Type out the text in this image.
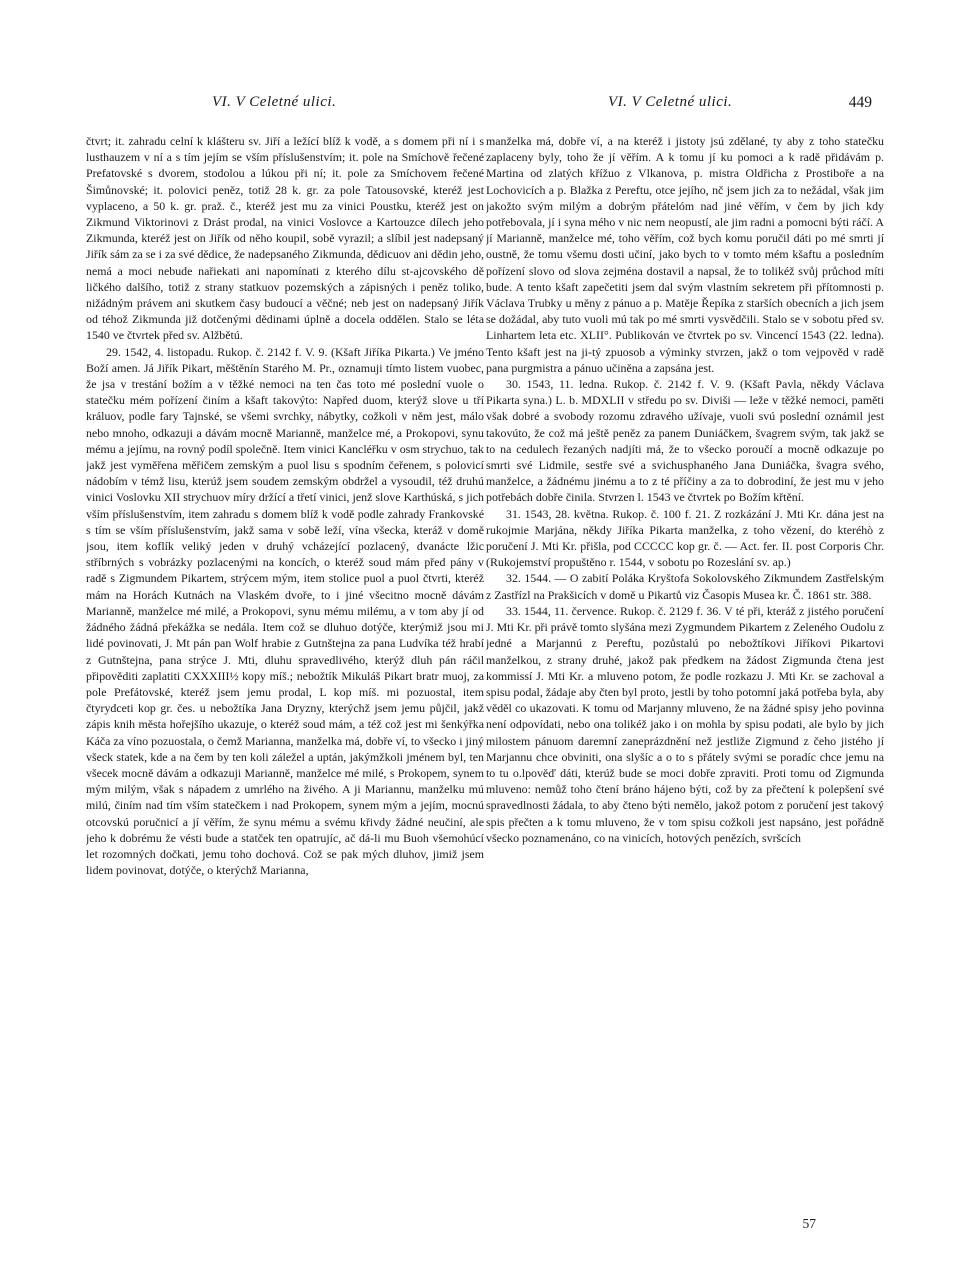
VI. V Celetné ulici.	VI. V Celetné ulici.	449

čtvrt; it. zahradu celní k klášteru sv. Jiří a ležící blíž k vodě, a s domem při ní i s lusthauzem v ní a s tím jejím se vším příslušenstvím; it. pole na Smíchově řečené Prefatovské s dvorem, stodolou a lúkou při ní; it. pole za Smíchovem řečené Šimůnovské; it. polovici peněz, totiž 28 k. gr. za pole Tatousovské, kteréž jest vyplaceno, a 50 k. gr. praž. č., kteréž jest mu za vinici Poustku, kteréž jest on Zikmund Viktorinovi z Drást prodal, na vinici Voslovce a Kartouzce dílech jeho Zikmunda, kteréž jest on Jiřík od něho koupil, sobě vyrazil; a slíbil jest nadepsaný Jiřík sám za se i za své dědice, že nadepsaného Zikmunda, dědicuov ani dědin jeho, nemá a moci nebude nařiekati ani napomínati z kterého dílu st-ajcovského dě ličkého dalšího, totiž z strany statkuov pozemských a zápisných i peněz toliko, nižádným právem ani skutkem časy budoucí a věčné; neb jest on nadepsaný Jiřík od téhož Zikmunda již dotčenými dědinami úplně a docela oddělen. Stalo se léta 1540 ve čtvrtek před sv. Alžbětú.

29. 1542, 4. listopadu. Rukop. č. 2142 f. V. 9. (Kšaft Jiříka Pikarta.) Ve jméno Boží amen. Já Jiřík Pikart, měštěnín Starého M. Pr., oznamuji tímto listem vuobec, že jsa v trestání božím a v těžké nemoci na ten čas toto mé poslední vuole o statečku mém pořízení činím a kšaft takovýto: Napřed duom, kterýž slove u tří králuov, podle fary Tajnské, se všemi svrchky, nábytky, cožkoli v něm jest, málo nebo mnoho, odkazuji a dávám mocně Marianně, manželce mé, a Prokopovi, synu mému a jejímu, na rovný podíl společně. Item vinici Kancléřku v osm strychuo, tak jakž jest vyměřena měřičem zemským a puol lisu s spodním čeřenem, s polovicí nádobím v témž lisu, kterúž jsem soudem zemským obdržel a vysoudil, též druhú vinici Voslovku XII strychuov míry držící a třetí vinici, jenž slove Karthúská, s jich vším příslušenstvím, item zahradu s domem blíž k vodě podle zahrady Frankovské s tím se vším příslušenstvím, jakž sama v sobě leží, vína všecka, kteráž v domě jsou, item koflík veliký jeden v druhý vcházející pozlacený, dvanácte lžic stříbrných s vobrázky pozlacenými na koncích, o kteréž soud mám před pány v radě s Zigmundem Pikartem, strýcem mým, item stolice puol a puol čtvrti, kteréž mám na Horách Kutnách na Vlaském dvoře, to i jiné všecitno mocně dávám Marianně, manželce mé milé, a Prokopovi, synu mému milému, a v tom aby jí od žádného žádná překážka se nedála. Item což se dluhuo dotýče, kterýmiž jsou mi lidé povinovati, J. Mt pán pan Wolf hrabie z Gutnštejna za pana Ludvíka též hrabí z Gutnštejna, pana strýce J. Mti, dluhu spravedlivého, kterýž dluh pán ráčil připověditi zaplatiti CXXXIII½ kopy míš.; nebožtík Mikuláš Pikart bratr muoj, za pole Prefátovské, kteréž jsem jemu prodal, L kop míš. mi pozuostal, item čtyrydceti kop gr. čes. u nebožtíka Jana Dryzny, kterýchž jsem jemu půjčil, jakž zápis knih města hořejšího ukazuje, o kteréž soud mám, a též což jest mi šenkýřka Káča za víno pozuostala, o čemž Marianna, manželka má, dobře ví, to všecko i jiný všeck statek, kde a na čem by ten koli záležel a uptán, jakýmžkoli jménem byl, ten všecek mocně dávám a odkazuji Marianně, manželce mé milé, s Prokopem, synem mým milým, však s nápadem z umrlého na živého. A ji Mariannu, manželku mú milú, činím nad tím vším statečkem i nad Prokopem, synem mým a jejím, mocnú otcovskú poručnicí a jí věřím, že synu mému a svému křivdy žádné neučiní, ale jeho k dobrému že vésti bude a statček ten opatrujíc, ač dá-li mu Buoh všemohúcí let rozomných dočkati, jemu toho dochová. Což se pak mých dluhov, jimiž jsem lidem povinovat, dotýče, o kterýchž Marianna,

manželka má, dobře ví, a na kteréž i jistoty jsú zdělané, ty aby z toho statečku zaplaceny byly, toho že jí věřím. A k tomu jí ku pomoci a k radě přidávám p. Martina od zlatých křížuo z Vlkanova, p. mistra Oldřicha z Prostiboře a na Lochovicích a p. Blažka z Pereftu, otce jejího, nč jsem jich za to nežádal, však jim jakožto svým milým a dobrým přátelóm nad jiné věřím, v čem by jich kdy potřebovala, jí i syna mého v nic nem neopustí, ale jim radni a pomocni býti ráčí. A jí Marianně, manželce mé, toho věřím, což bych komu poručil dáti po mé smrti jí oustně, že tomu všemu dosti učiní, jako bych to v tomto mém kšaftu a posledním pořízení slovo od slova zejména dostavil a napsal, že to tolikéž svůj průchod míti bude. A tento kšaft zapečetiti jsem dal svým vlastním sekretem při přítomnosti p. Václava Trubky u měny z pánuo a p. Matěje Řepíka z starších obecních a jich jsem se dožádal, aby tuto vuoli mú tak po mé smrti vysvědčili. Stalo se v sobotu před sv. Linhartem leta etc. XLII°. Publikován ve čtvrtek po sv. Vincencí 1543 (22. ledna). Tento kšaft jest na ji-tý zpuosob a výminky stvrzen, jakž o tom vejpověd v radě pana purgmistra a pánuo učiněna a zapsána jest.

30. 1543, 11. ledna. Rukop. č. 2142 f. V. 9. (Kšaft Pavla, někdy Václava Pikarta syna.) L. b. MDXLII v středu po sv. Diviši — leže v těžké nemoci, paměti však dobré a svobody rozomu zdravého užívaje, vuoli svú poslední oznámil jest takovúto, že což má ještě peněz za panem Duniáčkem, švagrem svým, tak jakž se to na cedulech řezaných nadjíti má, že to všecko poroučí a mocně odkazuje po smrti své Lidmile, sestře své a svichusphaného Jana Duniáčka, švagra svého, manželce, a žádnému jinému a to z té příčiny a za to dobrodiní, že jest mu v jeho potřebách dobře činila. Stvrzen l. 1543 ve čtvrtek po Božím křtění.

31. 1543, 28. května. Rukop. č. 100 f. 21. Z rozkázání J. Mti Kr. dána jest na rukojmie Marjána, někdy Jiříka Pikarta manželka, z toho vězení, do kteréhò z poručení J. Mti Kr. přišla, pod CCCCC kop gr. č. — Act. fer. II. post Corporis Chr. (Rukojemství propuštěno r. 1544, v sobotu po Rozeslání sv. ap.)

32. 1544. — O zabití Poláka Kryštofa Sokolovského Zikmundem Zastřelským z Zastřízl na Prakšicích v domě u Pikartů viz Časopis Musea kr. Č. 1861 str. 388.

33. 1544, 11. července. Rukop. č. 2129 f. 36. V té při, kteráž z jistého poručení J. Mti Kr. při právě tomto slyšána mezi Zygmundem Pikartem z Zeleného Oudolu z jedné a Marjannú z Pereftu, pozůstalú po nebožtíkovi Jiříkovi Pikartovi manželkou, z strany druhé, jakož pak předkem na žádost Zigmunda čtena jest kommissí J. Mti Kr. a mluveno potom, že podle rozkazu J. Mti Kr. se zachoval a spisu podal, žádaje aby čten byl proto, jestli by toho potomní jaká potřeba byla, aby věděl co ukazovati. K tomu od Marjanny mluveno, že na žádné spisy jeho povinna není odpovídati, nebo ona tolikéž jako i on mohla by spisu podati, ale bylo by jich milostem pánuom daremní zaneprázdnění než jestliže Zigmund z čeho jistého jí Marjannu chce obviniti, ona slyšíc a o to s přátely svými se poradíc chce jemu na to tu o.lpověď dáti, kterúž bude se moci dobře zpraviti. Proti tomu od Zigmunda mluveno: nemůž toho čtení bráno hájeno býti, což by za přečtení k polepšení své spravedlnosti žádala, to aby čteno býti nemělo, jakož potom z poručení jest takový spis přečten a k tomu mluveno, že v tom spisu cožkoli jest napsáno, jest pořádně všecko poznamenáno, co na vinicích, hotových penězích, svršcích

57
